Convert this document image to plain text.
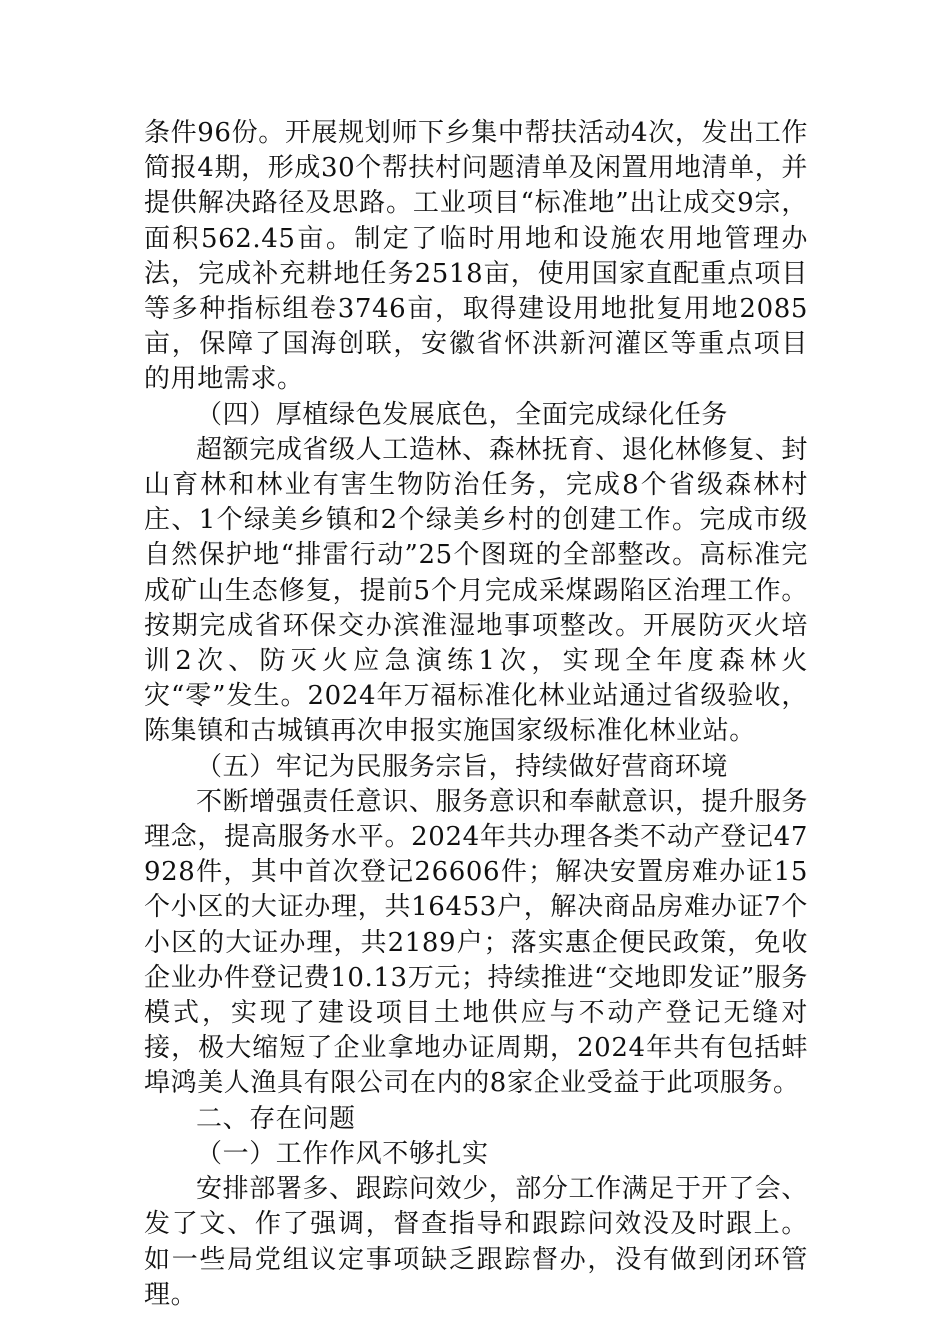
条件96份。开展规划师下乡集中帮扶活动4次，发出工作简报4期，形成30个帮扶村问题清单及闲置用地清单，并提供解决路径及思路。工业项目“标准地”出让成交9宗，面积562.45亩。制定了临时用地和设施农用地管理办法，完成补充耕地任务2518亩，使用国家直配重点项目等多种指标组卷3746亩，取得建设用地批复用地2085亩，保障了国海创联，安徽省怀洪新河灌区等重点项目的用地需求。

（四）厚植绿色发展底色，全面完成绿化任务

超额完成省级人工造林、森林抚育、退化林修复、封山育林和林业有害生物防治任务，完成8个省级森林村庄、1个绿美乡镇和2个绿美乡村的创建工作。完成市级自然保护地“排雷行动”25个图斑的全部整改。高标准完成矿山生态修复，提前5个月完成采煤踢陷区治理工作。按期完成省环保交办滨淮湿地事项整改。开展防灭火培训2次、防灭火应急演练1次，实现全年度森林火灾“零”发生。2024年万福标准化林业站通过省级验收，陈集镇和古城镇再次申报实施国家级标准化林业站。

（五）牢记为民服务宗旨，持续做好营商环境

不断增强责任意识、服务意识和奉献意识，提升服务理念，提高服务水平。2024年共办理各类不动产登记47928件，其中首次登记26606件；解决安置房难办证15个小区的大证办理，共16453户，解决商品房难办证7个小区的大证办理，共2189户；落实惠企便民政策，免收企业办件登记费10.13万元；持续推进“交地即发证”服务模式，实现了建设项目土地供应与不动产登记无缝对接，极大缩短了企业拿地办证周期，2024年共有包括蚌埠鸿美人渔具有限公司在内的8家企业受益于此项服务。

二、存在问题

（一）工作作风不够扎实

安排部署多、跟踪问效少，部分工作满足于开了会、发了文、作了强调，督查指导和跟踪问效没及时跟上。如一些局党组议定事项缺乏跟踪督办，没有做到闭环管理。
